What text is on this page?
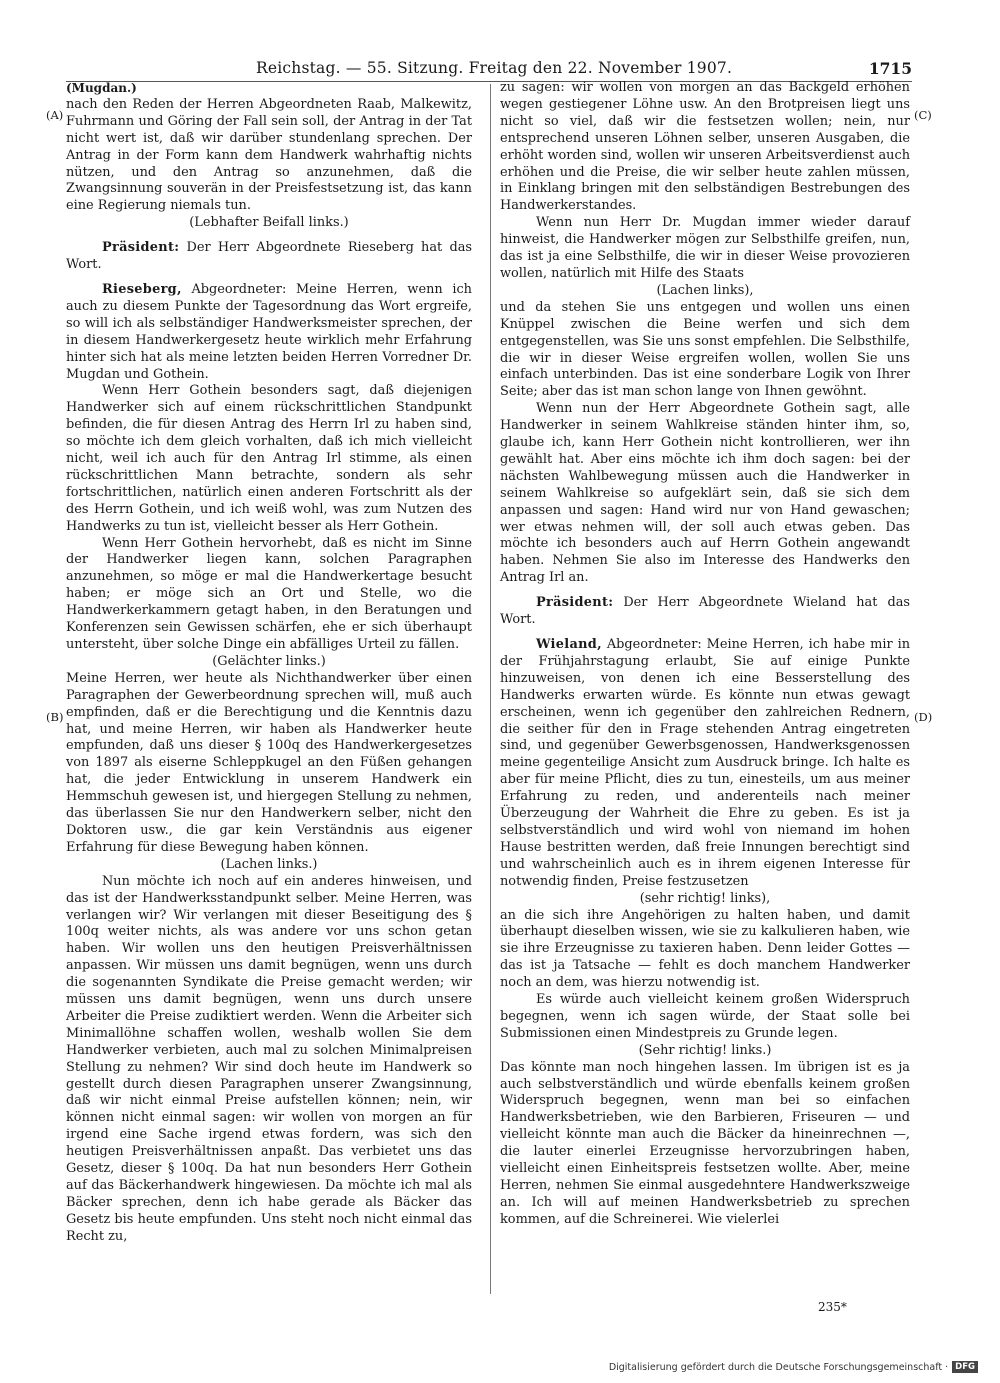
Reichstag. — 55. Sitzung. Freitag den 22. November 1907.	1715
(A)
(B)
(C)
(D)

(Mugdan.)

nach den Reden der Herren Abgeordneten Raab, Malkewitz, Fuhrmann und Göring der Fall sein soll, der Antrag in der Tat nicht wert ist, daß wir darüber stundenlang sprechen. Der Antrag in der Form kann dem Handwerk wahrhaftig nichts nützen, und den Antrag so anzunehmen, daß die Zwangsinnung souverän in der Preisfestsetzung ist, das kann eine Regierung niemals tun.

(Lebhafter Beifall links.)

Präsident: Der Herr Abgeordnete Rieseberg hat das Wort.

Rieseberg, Abgeordneter: Meine Herren, wenn ich auch zu diesem Punkte der Tagesordnung das Wort ergreife, so will ich als selbständiger Handwerksmeister sprechen, der in diesem Handwerkergesetz heute wirklich mehr Erfahrung hinter sich hat als meine letzten beiden Herren Vorredner Dr. Mugdan und Gothein.

Wenn Herr Gothein besonders sagt, daß diejenigen Handwerker sich auf einem rückschrittlichen Standpunkt befinden, die für diesen Antrag des Herrn Irl zu haben sind, so möchte ich dem gleich vorhalten, daß ich mich vielleicht nicht, weil ich auch für den Antrag Irl stimme, als einen rückschrittlichen Mann betrachte, sondern als sehr fortschrittlichen, natürlich einen anderen Fortschritt als der des Herrn Gothein, und ich weiß wohl, was zum Nutzen des Handwerks zu tun ist, vielleicht besser als Herr Gothein.

Wenn Herr Gothein hervorhebt, daß es nicht im Sinne der Handwerker liegen kann, solchen Paragraphen anzunehmen, so möge er mal die Handwerkertage besucht haben; er möge sich an Ort und Stelle, wo die Handwerkerkammern getagt haben, in den Beratungen und Konferenzen sein Gewissen schärfen, ehe er sich überhaupt untersteht, über solche Dinge ein abfälliges Urteil zu fällen.

(Gelächter links.)

Meine Herren, wer heute als Nichthandwerker über einen Paragraphen der Gewerbeordnung sprechen will, muß auch empfinden, daß er die Berechtigung und die Kenntnis dazu hat, und meine Herren, wir haben als Handwerker heute empfunden, daß uns dieser § 100q des Handwerkergesetzes von 1897 als eiserne Schleppkugel an den Füßen gehangen hat, die jeder Entwicklung in unserem Handwerk ein Hemmschuh gewesen ist, und hiergegen Stellung zu nehmen, das überlassen Sie nur den Handwerkern selber, nicht den Doktoren usw., die gar kein Verständnis aus eigener Erfahrung für diese Bewegung haben können.

(Lachen links.)

Nun möchte ich noch auf ein anderes hinweisen, und das ist der Handwerksstandpunkt selber. Meine Herren, was verlangen wir? Wir verlangen mit dieser Beseitigung des § 100q weiter nichts, als was andere vor uns schon getan haben. Wir wollen uns den heutigen Preisverhältnissen anpassen. Wir müssen uns damit begnügen, wenn uns durch die sogenannten Syndikate die Preise gemacht werden; wir müssen uns damit begnügen, wenn uns durch unsere Arbeiter die Preise zudiktiert werden. Wenn die Arbeiter sich Minimallöhne schaffen wollen, weshalb wollen Sie dem Handwerker verbieten, auch mal zu solchen Minimalpreisen Stellung zu nehmen? Wir sind doch heute im Handwerk so gestellt durch diesen Paragraphen unserer Zwangsinnung, daß wir nicht einmal Preise aufstellen können; nein, wir können nicht einmal sagen: wir wollen von morgen an für irgend eine Sache irgend etwas fordern, was sich den heutigen Preisverhältnissen anpaßt. Das verbietet uns das Gesetz, dieser § 100q. Da hat nun besonders Herr Gothein auf das Bäckerhandwerk hingewiesen. Da möchte ich mal als Bäcker sprechen, denn ich habe gerade als Bäcker das Gesetz bis heute empfunden. Uns steht noch nicht einmal das Recht zu,

zu sagen: wir wollen von morgen an das Backgeld erhöhen wegen gestiegener Löhne usw. An den Brotpreisen liegt uns nicht so viel, daß wir die festsetzen wollen; nein, nur entsprechend unseren Löhnen selber, unseren Ausgaben, die erhöht worden sind, wollen wir unseren Arbeitsverdienst auch erhöhen und die Preise, die wir selber heute zahlen müssen, in Einklang bringen mit den selbständigen Bestrebungen des Handwerkerstandes.

Wenn nun Herr Dr. Mugdan immer wieder darauf hinweist, die Handwerker mögen zur Selbsthilfe greifen, nun, das ist ja eine Selbsthilfe, die wir in dieser Weise provozieren wollen, natürlich mit Hilfe des Staats

(Lachen links),

und da stehen Sie uns entgegen und wollen uns einen Knüppel zwischen die Beine werfen und sich dem entgegenstellen, was Sie uns sonst empfehlen. Die Selbsthilfe, die wir in dieser Weise ergreifen wollen, wollen Sie uns einfach unterbinden. Das ist eine sonderbare Logik von Ihrer Seite; aber das ist man schon lange von Ihnen gewöhnt.

Wenn nun der Herr Abgeordnete Gothein sagt, alle Handwerker in seinem Wahlkreise ständen hinter ihm, so, glaube ich, kann Herr Gothein nicht kontrollieren, wer ihn gewählt hat. Aber eins möchte ich ihm doch sagen: bei der nächsten Wahlbewegung müssen auch die Handwerker in seinem Wahlkreise so aufgeklärt sein, daß sie sich dem anpassen und sagen: Hand wird nur von Hand gewaschen; wer etwas nehmen will, der soll auch etwas geben. Das möchte ich besonders auch auf Herrn Gothein angewandt haben. Nehmen Sie also im Interesse des Handwerks den Antrag Irl an.

Präsident: Der Herr Abgeordnete Wieland hat das Wort.

Wieland, Abgeordneter: Meine Herren, ich habe mir in der Frühjahrstagung erlaubt, Sie auf einige Punkte hinzuweisen, von denen ich eine Besserstellung des Handwerks erwarten würde. Es könnte nun etwas gewagt erscheinen, wenn ich gegenüber den zahlreichen Rednern, die seither für den in Frage stehenden Antrag eingetreten sind, und gegenüber Gewerbsgenossen, Handwerksgenossen meine gegenteilige Ansicht zum Ausdruck bringe. Ich halte es aber für meine Pflicht, dies zu tun, einesteils, um aus meiner Erfahrung zu reden, und anderenteils nach meiner Überzeugung der Wahrheit die Ehre zu geben. Es ist ja selbstverständlich und wird wohl von niemand im hohen Hause bestritten werden, daß freie Innungen berechtigt sind und wahrscheinlich auch es in ihrem eigenen Interesse für notwendig finden, Preise festzusetzen

(sehr richtig! links),

an die sich ihre Angehörigen zu halten haben, und damit überhaupt dieselben wissen, wie sie zu kalkulieren haben, wie sie ihre Erzeugnisse zu taxieren haben. Denn leider Gottes — das ist ja Tatsache — fehlt es doch manchem Handwerker noch an dem, was hierzu notwendig ist.

Es würde auch vielleicht keinem großen Widerspruch begegnen, wenn ich sagen würde, der Staat solle bei Submissionen einen Mindestpreis zu Grunde legen.

(Sehr richtig! links.)

Das könnte man noch hingehen lassen. Im übrigen ist es ja auch selbstverständlich und würde ebenfalls keinem großen Widerspruch begegnen, wenn man bei so einfachen Handwerksbetrieben, wie den Barbieren, Friseuren — und vielleicht könnte man auch die Bäcker da hineinrechnen —, die lauter einerlei Erzeugnisse hervorzubringen haben, vielleicht einen Einheitspreis festsetzen wollte. Aber, meine Herren, nehmen Sie einmal ausgedehntere Handwerkszweige an. Ich will auf meinen Handwerksbetrieb zu sprechen kommen, auf die Schreinerei. Wie vielerlei

235*
Digitalisierung gefördert durch die Deutsche Forschungsgemeinschaft · DFG
